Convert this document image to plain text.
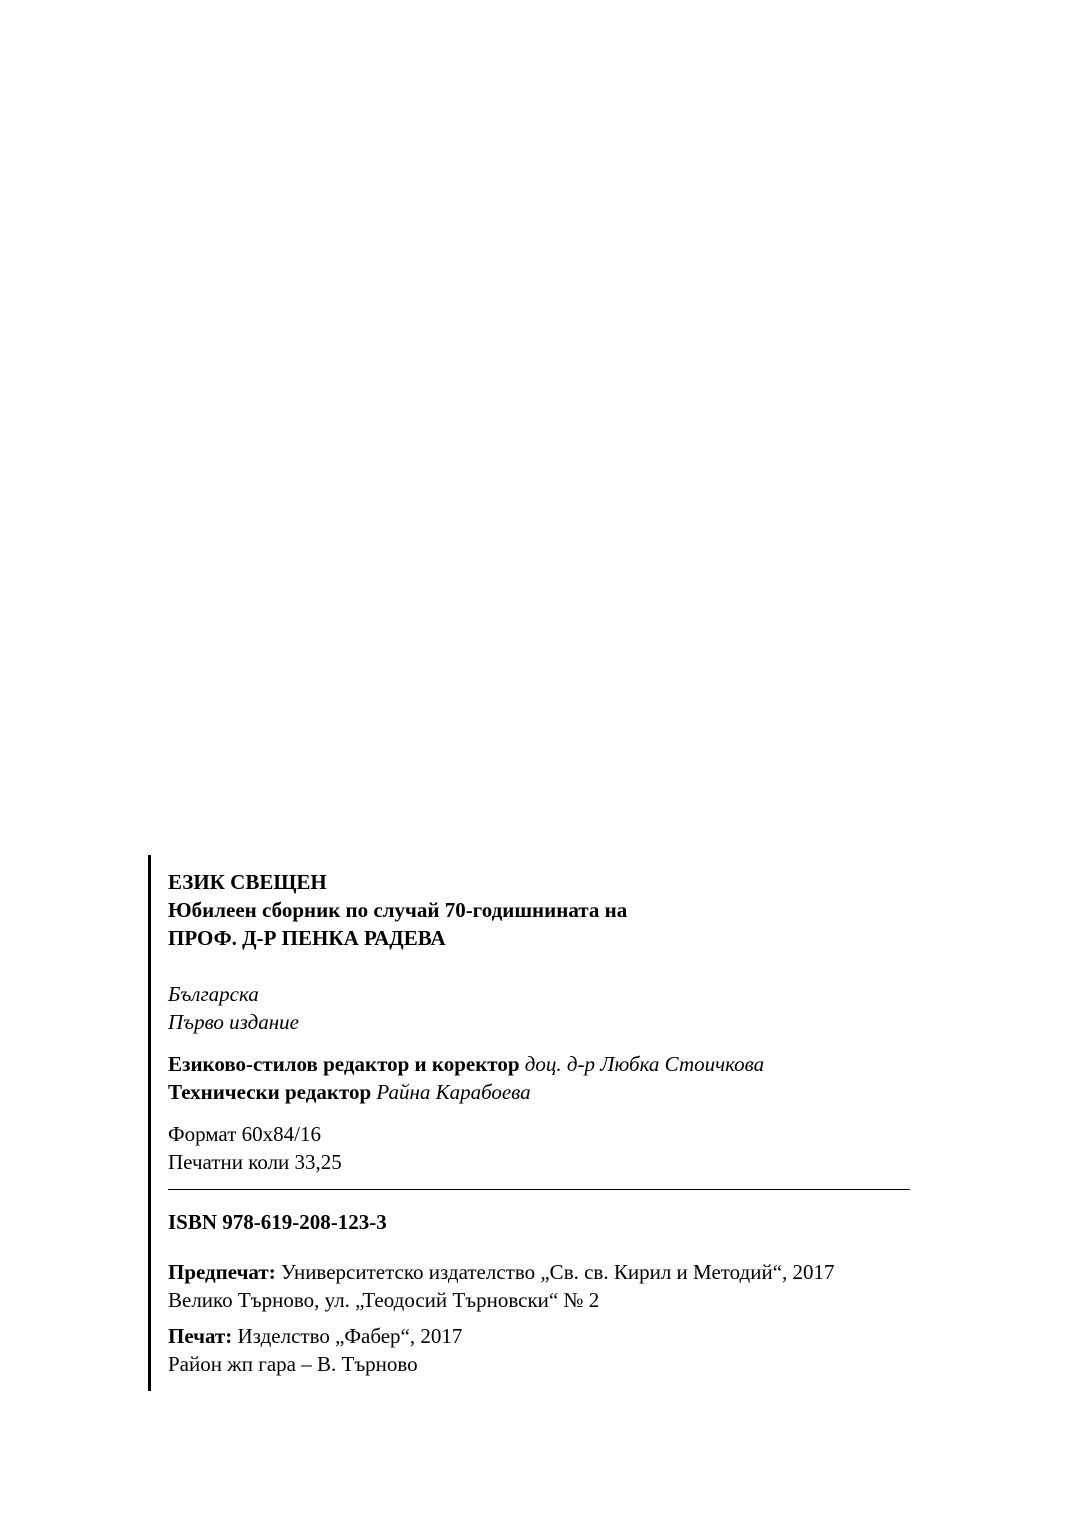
ЕЗИК СВЕЩЕН
Юбилеен сборник по случай 70-годишнината на
ПРОФ. Д-Р ПЕНКА РАДЕВА
Българска
Първо издание
Езиково-стилов редактор и коректор доц. д-р Любка Стоичкова
Технически редактор Райна Карабоева
Формат 60х84/16
Печатни коли 33,25
ISBN 978-619-208-123-3
Предпечат: Университетско издателство „Св. св. Кирил и Методий“, 2017
Велико Търново, ул. „Теодосий Търновски“ № 2
Печат: Изделство „Фабер“, 2017
Район жп гара – В. Търново
